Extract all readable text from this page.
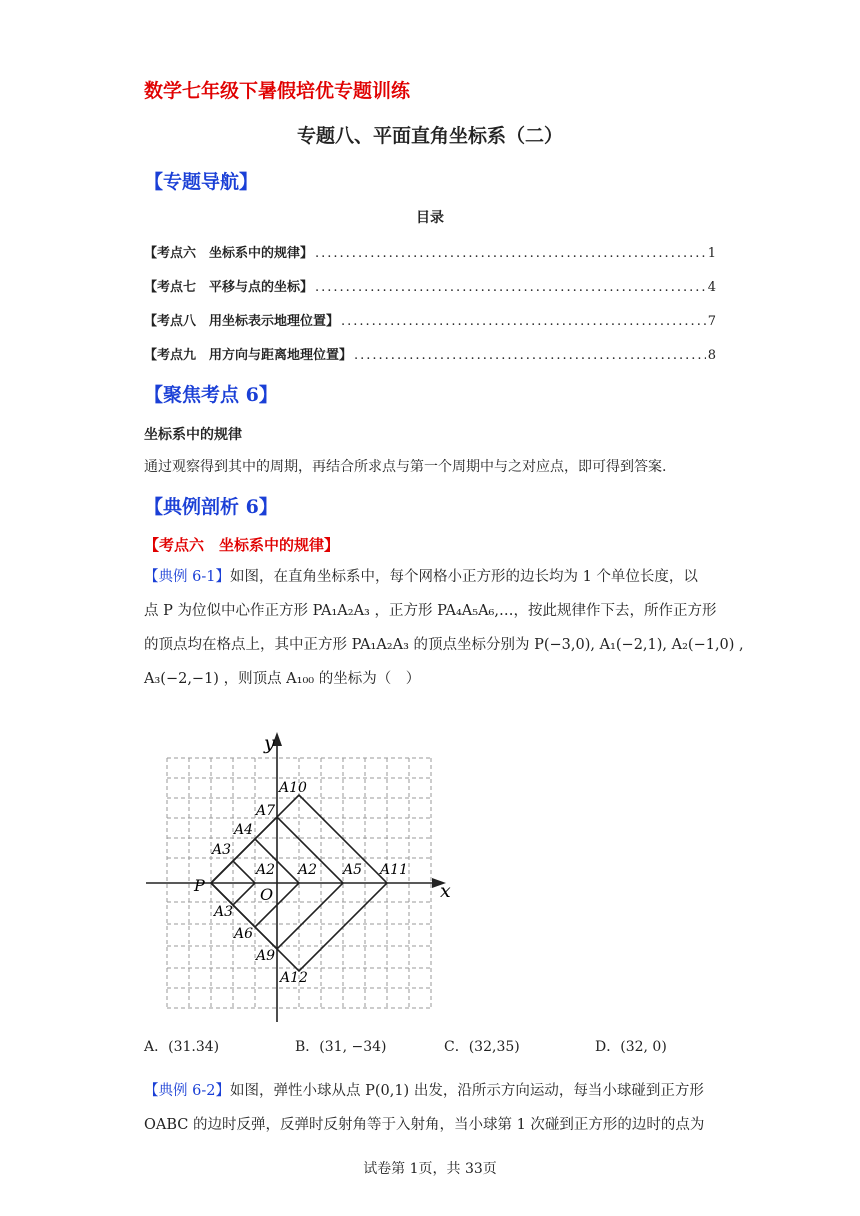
数学七年级下暑假培优专题训练
专题八、平面直角坐标系（二）
【专题导航】
目录
【考点六　坐标系中的规律】 .....	1
【考点七　平移与点的坐标】 .....	4
【考点八　用坐标表示地理位置】 .....	7
【考点九　用方向与距离地理位置】 .....	8
【聚焦考点 6】
坐标系中的规律
通过观察得到其中的周期，再结合所求点与第一个周期中与之对应点，即可得到答案.
【典例剖析 6】
【考点六　坐标系中的规律】
【典例 6-1】如图，在直角坐标系中，每个网格小正方形的边长均为 1 个单位长度，以
点 P 为位似中心作正方形 PA₁A₂A₃ ，正方形 PA₄A₅A₆,…，按此规律作下去，所作正方形
的顶点均在格点上，其中正方形 PA₁A₂A₃ 的顶点坐标分别为 P(−3,0), A₁(−2,1), A₂(−1,0) ,
A₃(−2,−1) ，则顶点 A₁₀₀ 的坐标为（　）
y
x
O
P
A10
A7
A4
A3
A2 A2 A5 A11
A3
A6
A9
A12
A．(31.34)	B．(31, −34)	C．(32,35)	D．(32, 0)
【典例 6-2】如图，弹性小球从点 P(0,1) 出发，沿所示方向运动，每当小球碰到正方形
OABC 的边时反弹，反弹时反射角等于入射角，当小球第 1 次碰到正方形的边时的点为
试卷第 1页，共 33页
